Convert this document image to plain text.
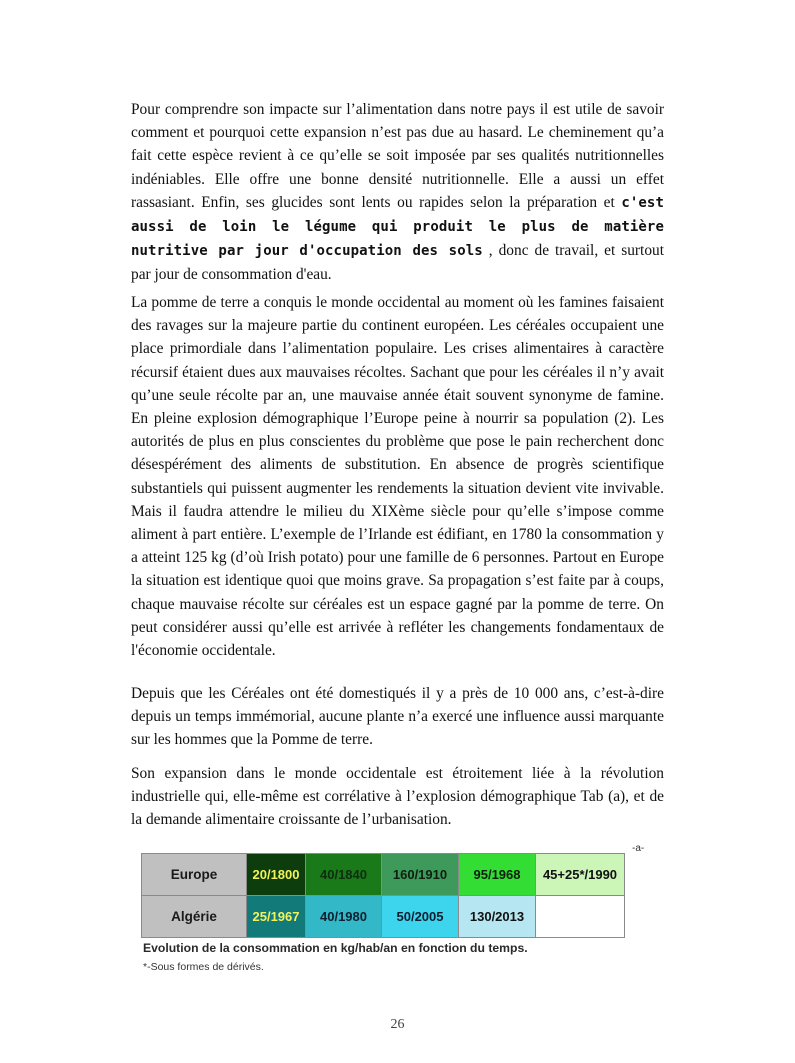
Pour comprendre son impacte sur l’alimentation dans notre pays il est utile de savoir comment et pourquoi cette expansion n’est pas due au hasard. Le cheminement qu’a fait cette espèce revient à ce qu’elle se soit imposée par ses qualités nutritionnelles indéniables. Elle offre une bonne densité nutritionnelle. Elle a aussi un effet rassasiant. Enfin, ses glucides sont lents ou rapides selon la préparation et c'est aussi de loin le légume qui produit le plus de matière nutritive par jour d'occupation des sols , donc de travail, et surtout par jour de consommation d'eau.

La pomme de terre a conquis le monde occidental au moment où les famines faisaient des ravages sur la majeure partie du continent européen. Les céréales occupaient une place primordiale dans l’alimentation populaire. Les crises alimentaires à caractère récursif étaient dues aux mauvaises récoltes. Sachant que pour les céréales il n’y avait qu’une seule récolte par an, une mauvaise année était souvent synonyme de famine. En pleine explosion démographique l’Europe peine à nourrir sa population (2). Les autorités de plus en plus conscientes du problème que pose le pain recherchent donc désespérément des aliments de substitution. En absence de progrès scientifique substantiels qui puissent augmenter les rendements la situation devient vite invivable. Mais il faudra attendre le milieu du XIXème siècle pour qu’elle s’impose comme aliment à part entière. L’exemple de l’Irlande est édifiant, en 1780 la consommation y a atteint 125 kg (d’où Irish potato) pour une famille de 6 personnes. Partout en Europe la situation est identique quoi que moins grave. Sa propagation s’est faite par à coups, chaque mauvaise récolte sur céréales est un espace gagné par la pomme de terre. On peut considérer aussi qu’elle est arrivée à refléter les changements fondamentaux de l'économie occidentale.

Depuis que les Céréales ont été domestiqués il y a près de 10 000 ans, c’est-à-dire depuis un temps immémorial, aucune plante n’a exercé une influence aussi marquante sur les hommes que la Pomme de terre.

Son expansion dans le monde occidentale est étroitement liée à la révolution industrielle qui, elle-même est corrélative à l’explosion démographique Tab (a), et de la demande alimentaire croissante de l’urbanisation.

-a-
Europe	20/1800	40/1840	160/1910	95/1968	45+25*/1990
Algérie	25/1967	40/1980	50/2005	130/2013	
Evolution de la consommation en kg/hab/an en fonction du temps.
*-Sous formes de dérivés.
26
